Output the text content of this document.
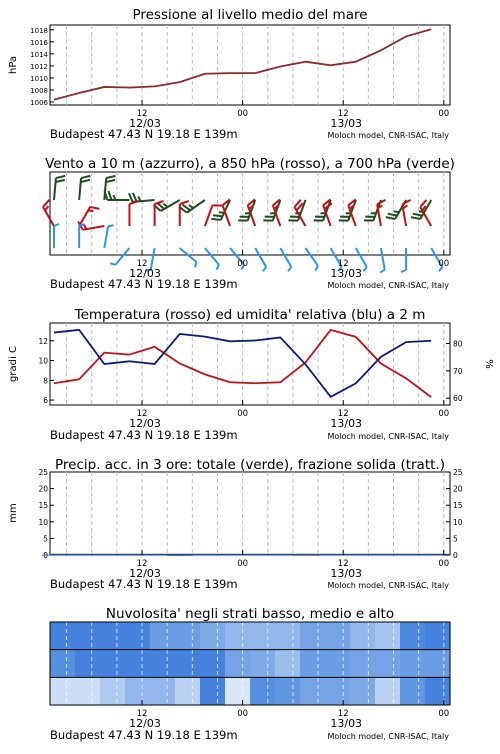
Pressione al livello medio del mare
1006
1008
1010
1012
1014
1016
1018
hPa
12	00	12	00
12/03	13/03
Vento a 10 m (azzurro), a 850 hPa (rosso), a 700 hPa (verde)
12	00	12	00
12/03	13/03
Temperatura (rosso) ed umidita' relativa (blu) a 2 m
6
8
10
12
60
70
80
gradi C	%
12	00	12	00
12/03	13/03
Precip. acc. in 3 ore: totale (verde), frazione solida (tratt.)
0
5
10
15
20
25
0
5
10
15
20
25
mm
12	00	12	00
12/03	13/03
Nuvolosita' negli strati basso, medio e alto
12	00	12	00
12/03	13/03
Budapest 47.43 N 19.18 E 139m	Moloch model, CNR-ISAC, Italy
Budapest 47.43 N 19.18 E 139m	Moloch model, CNR-ISAC, Italy
Budapest 47.43 N 19.18 E 139m	Moloch model, CNR-ISAC, Italy
Budapest 47.43 N 19.18 E 139m	Moloch model, CNR-ISAC, Italy
Budapest 47.43 N 19.18 E 139m	Moloch model, CNR-ISAC, Italy
